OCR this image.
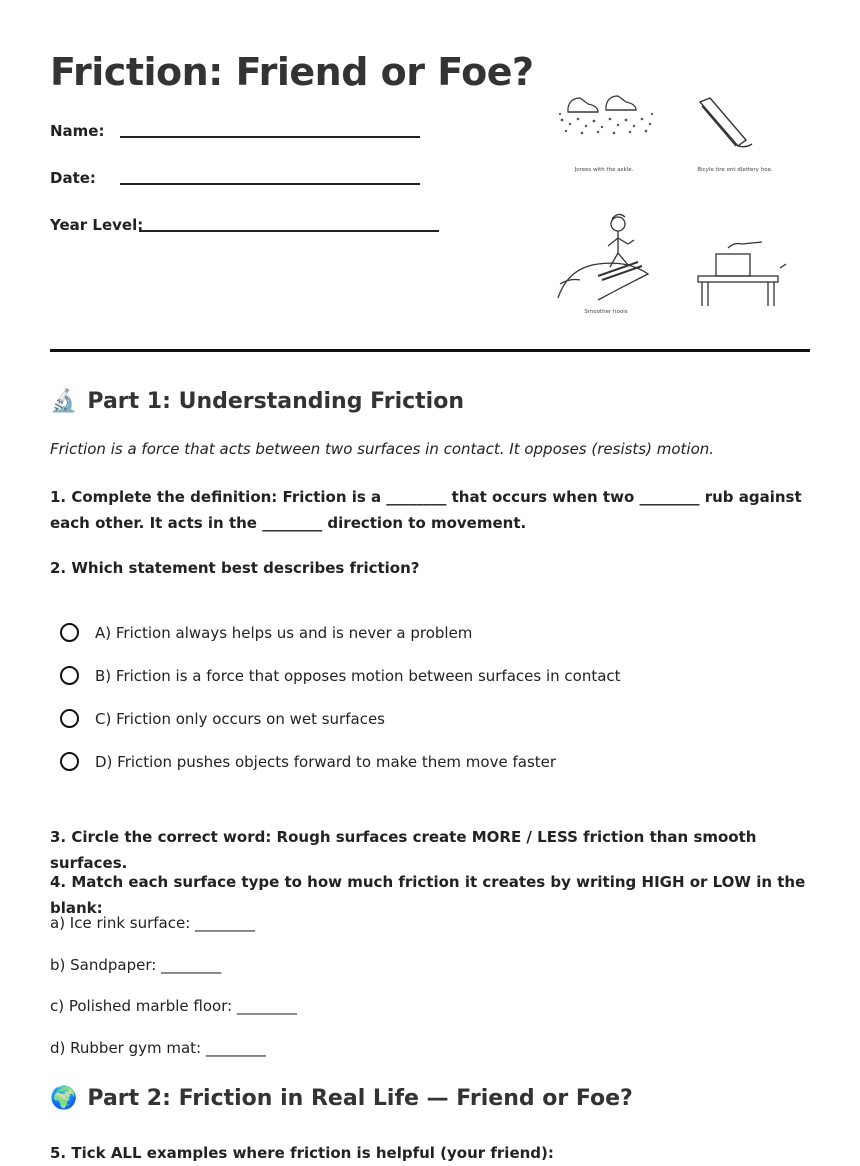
Friction: Friend or Foe?
Name:
Date:
Year Level:
Jorees with the askle.	Bicyle tire ont dlettery hoe.
Smoother hoois
🔬 Part 1: Understanding Friction
Friction is a force that acts between two surfaces in contact. It opposes (resists) motion.
1. Complete the definition: Friction is a ________ that occurs when two ________ rub against each other. It acts in the ________ direction to movement.
2. Which statement best describes friction?
A) Friction always helps us and is never a problem
B) Friction is a force that opposes motion between surfaces in contact
C) Friction only occurs on wet surfaces
D) Friction pushes objects forward to make them move faster
3. Circle the correct word: Rough surfaces create MORE / LESS friction than smooth surfaces.
4. Match each surface type to how much friction it creates by writing HIGH or LOW in the blank:
a) Ice rink surface: ________
b) Sandpaper: ________
c) Polished marble floor: ________
d) Rubber gym mat: ________
🌍 Part 2: Friction in Real Life — Friend or Foe?
5. Tick ALL examples where friction is helpful (your friend):
